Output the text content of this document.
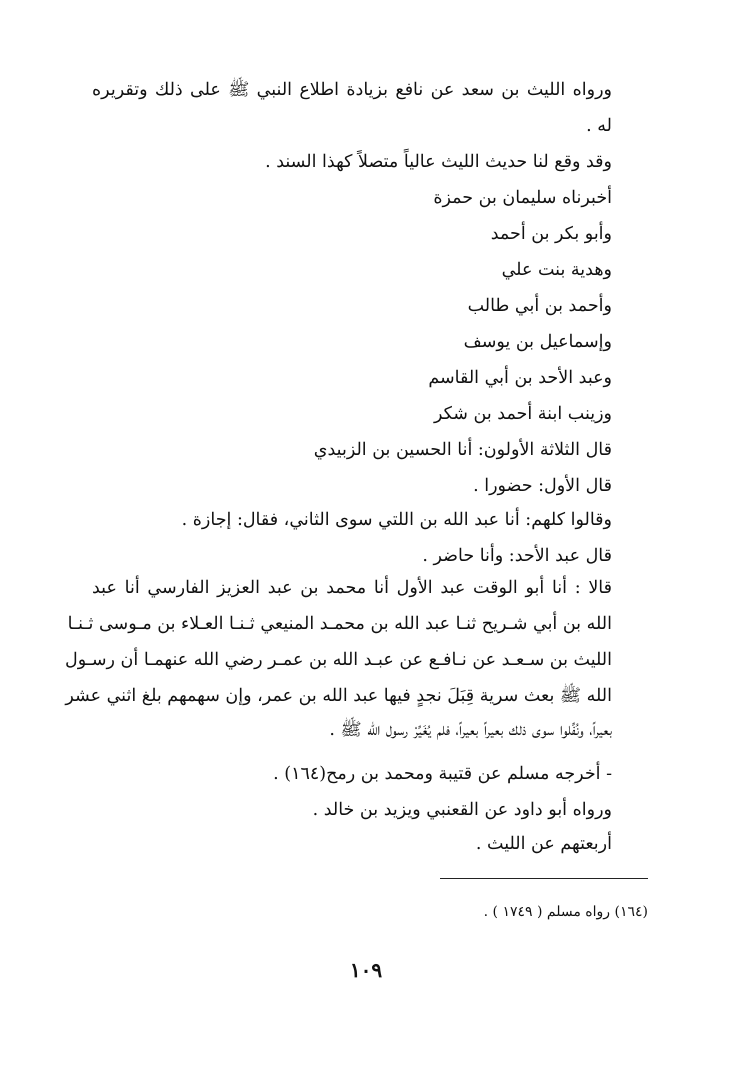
ورواه الليث بن سعد عن نافع بزيادة اطلاع النبي ﷺ على ذلك وتقريره
له .
وقد وقع لنا حديث الليث عالياً متصلاً كهذا السند .
أخبرناه سليمان بن حمزة
وأبو بكر بن أحمد
وهدية بنت علي
وأحمد بن أبي طالب
وإسماعيل بن يوسف
وعبد الأحد بن أبي القاسم
وزينب ابنة أحمد بن شكر
قال الثلاثة الأولون: أنا الحسين بن الزبيدي
قال الأول: حضورا .
وقالوا كلهم: أنا عبد الله بن اللتي سوى الثاني، فقال: إجازة .
قال عبد الأحد: وأنا حاضر .
قالا : أنا أبو الوقت عبد الأول أنا محمد بن عبد العزيز الفارسي أنا عبد
الله بن أبي شـريح ثنـا عبد الله بن محمـد المنيعي ثـنـا العـلاء بن مـوسى ثـنـا
الليث بن سـعـد عن نـافـع عن عبـد الله بن عمـر رضي الله عنهمـا أن رسـول
الله ﷺ بعث سرية قِبَلَ نجدٍ فيها عبد الله بن عمر، وإن سهمهم بلغ اثني عشر
بعيراً، ونُفِّلوا سوى ذلك بعيراً بعيراً، فلم يُغَيِّرْ رسول الله ﷺ .
- أخرجه مسلم عن قتيبة ومحمد بن رمح(١٦٤) .
ورواه أبو داود عن القعنبي ويزيد بن خالد .
أربعتهم عن الليث .
(١٦٤) رواه مسلم ( ١٧٤٩ ) .
١٠٩
